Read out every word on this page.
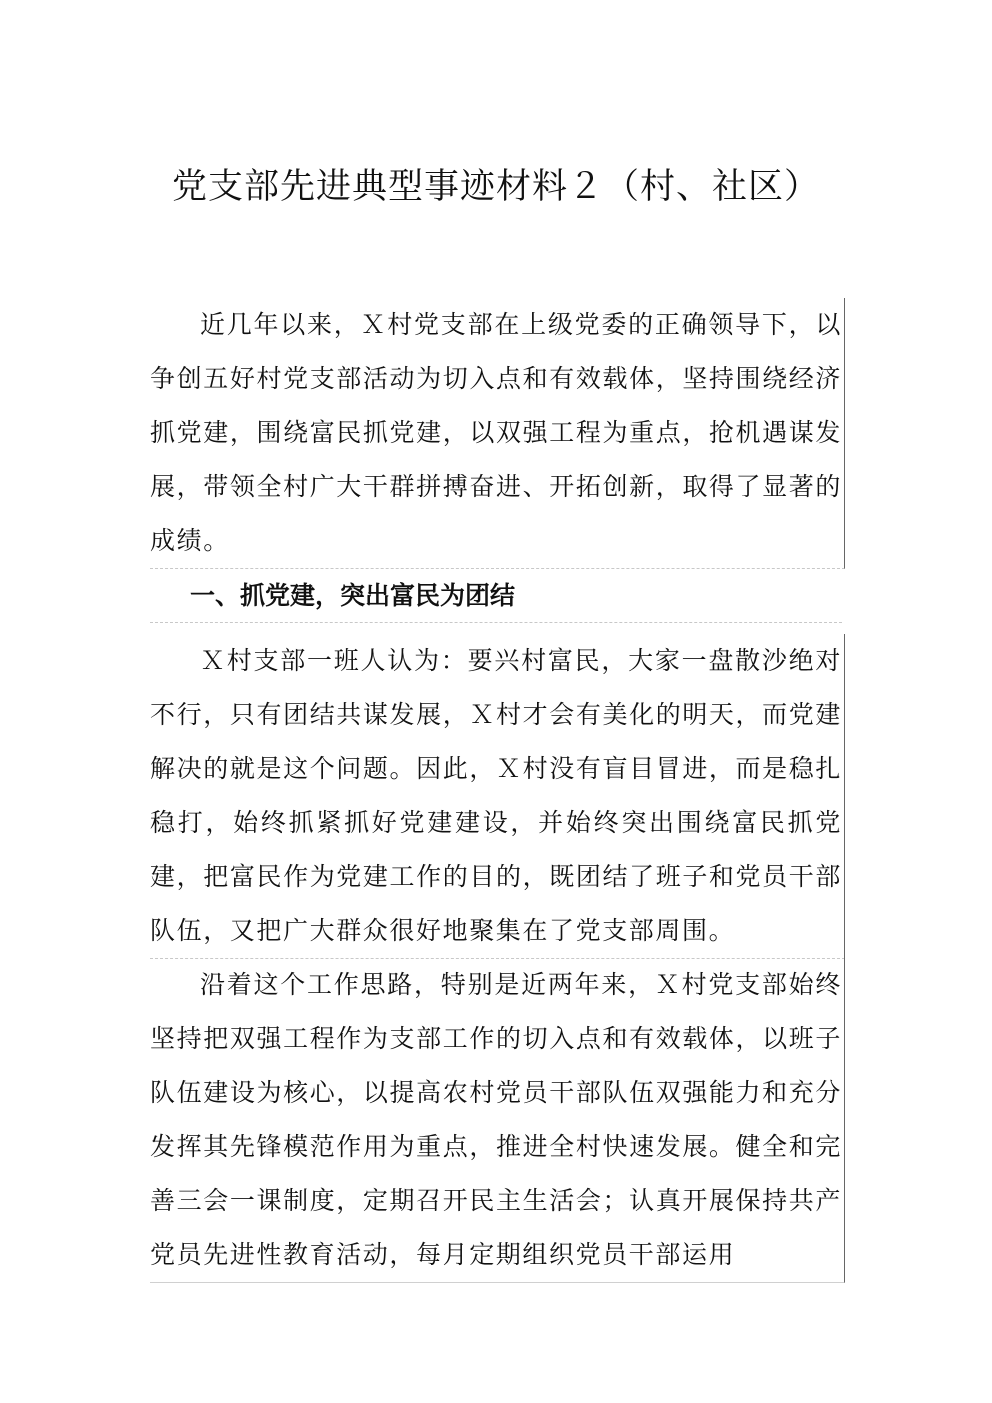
党支部先进典型事迹材料２（村、社区）

近几年以来，Ｘ村党支部在上级党委的正确领导下，以争创五好村党支部活动为切入点和有效载体，坚持围绕经济抓党建，围绕富民抓党建，以双强工程为重点，抢机遇谋发展，带领全村广大干群拼搏奋进、开拓创新，取得了显著的成绩。

一、抓党建，突出富民为团结

Ｘ村支部一班人认为：要兴村富民，大家一盘散沙绝对不行，只有团结共谋发展，Ｘ村才会有美化的明天，而党建解决的就是这个问题。因此，Ｘ村没有盲目冒进，而是稳扎稳打，始终抓紧抓好党建建设，并始终突出围绕富民抓党建，把富民作为党建工作的目的，既团结了班子和党员干部队伍，又把广大群众很好地聚集在了党支部周围。

沿着这个工作思路，特别是近两年来，Ｘ村党支部始终坚持把双强工程作为支部工作的切入点和有效载体，以班子队伍建设为核心，以提高农村党员干部队伍双强能力和充分发挥其先锋模范作用为重点，推进全村快速发展。健全和完善三会一课制度，定期召开民主生活会；认真开展保持共产党员先进性教育活动，每月定期组织党员干部运用
